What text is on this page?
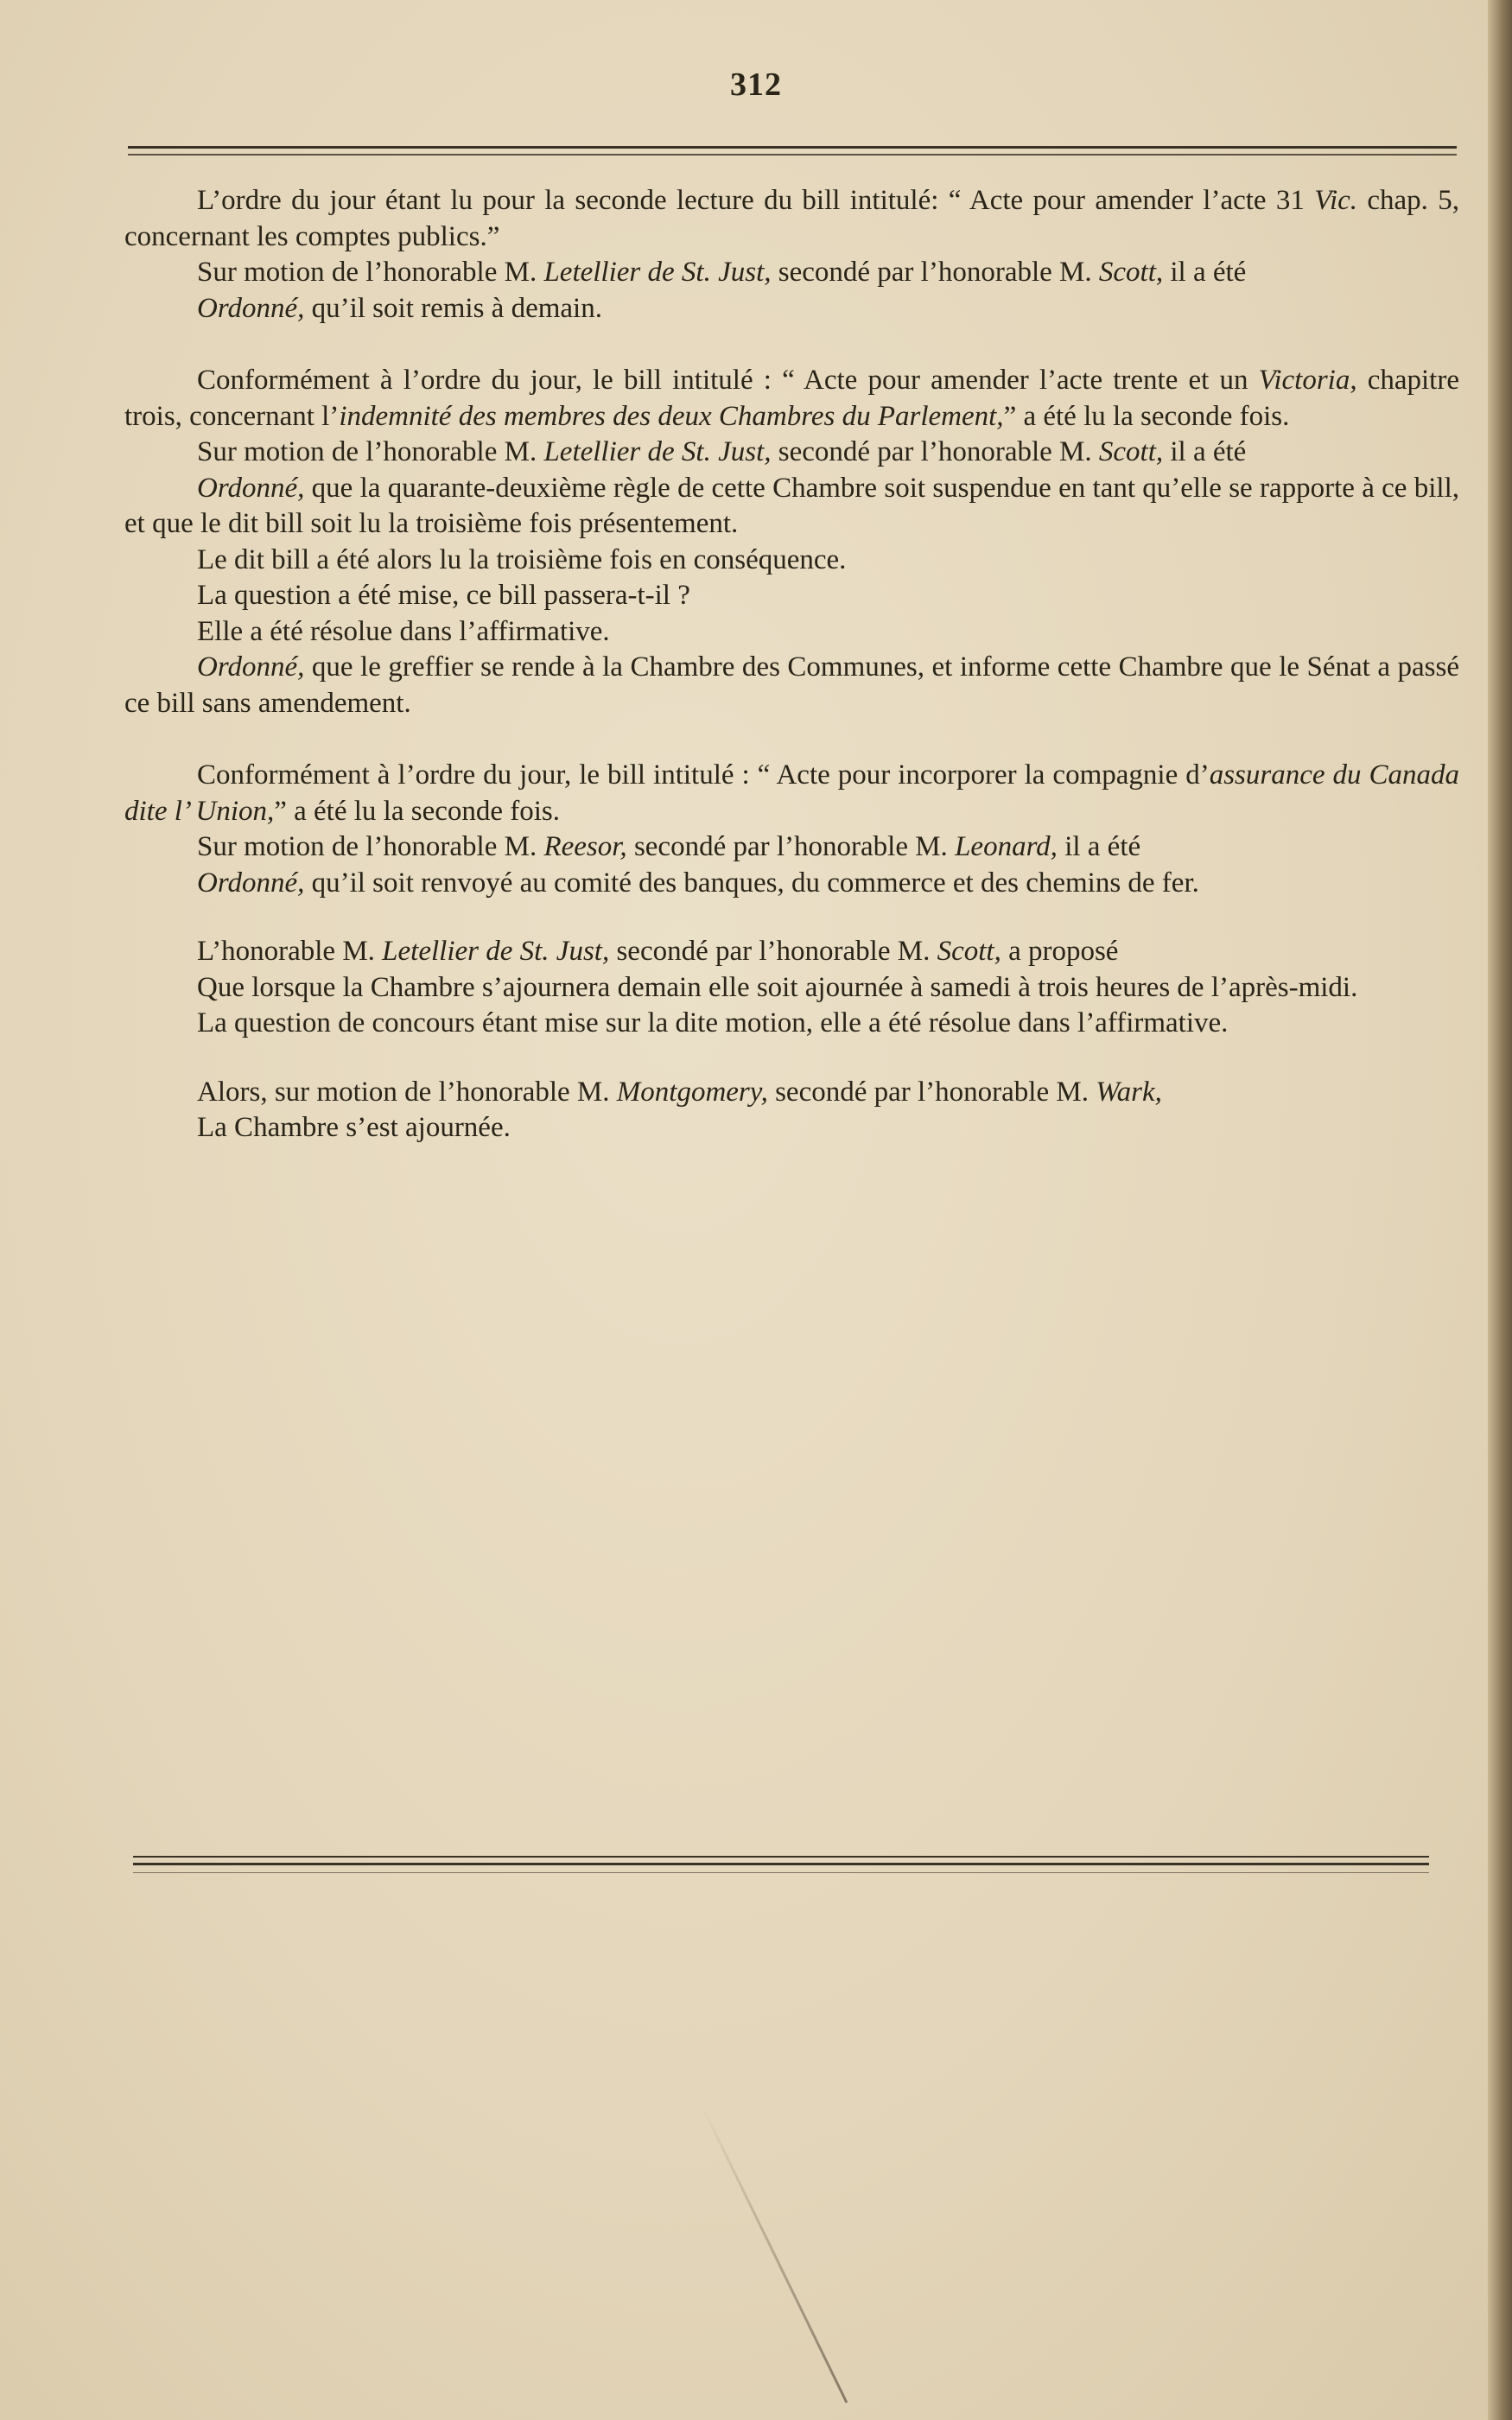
312

L’ordre du jour étant lu pour la seconde lecture du bill intitulé: “ Acte pour amender l’acte 31 Vic. chap. 5, concernant les comptes publics.”

Sur motion de l’honorable M. Letellier de St. Just, secondé par l’honorable M. Scott, il a été

Ordonné, qu’il soit remis à demain.

Conformément à l’ordre du jour, le bill intitulé : “ Acte pour amender l’acte trente et un Victoria, chapitre trois, concernant l’indemnité des membres des deux Chambres du Parlement,” a été lu la seconde fois.

Sur motion de l’honorable M. Letellier de St. Just, secondé par l’honorable M. Scott, il a été

Ordonné, que la quarante-deuxième règle de cette Chambre soit suspendue en tant qu’elle se rapporte à ce bill, et que le dit bill soit lu la troisième fois présentement.

Le dit bill a été alors lu la troisième fois en conséquence.

La question a été mise, ce bill passera-t-il ?

Elle a été résolue dans l’affirmative.

Ordonné, que le greffier se rende à la Chambre des Communes, et informe cette Chambre que le Sénat a passé ce bill sans amendement.

Conformément à l’ordre du jour, le bill intitulé : “ Acte pour incorporer la compagnie d’assurance du Canada dite l’ Union,” a été lu la seconde fois.

Sur motion de l’honorable M. Reesor, secondé par l’honorable M. Leonard, il a été

Ordonné, qu’il soit renvoyé au comité des banques, du commerce et des chemins de fer.

L’honorable M. Letellier de St. Just, secondé par l’honorable M. Scott, a proposé

Que lorsque la Chambre s’ajournera demain elle soit ajournée à samedi à trois heures de l’après-midi.

La question de concours étant mise sur la dite motion, elle a été résolue dans l’affirmative.

Alors, sur motion de l’honorable M. Montgomery, secondé par l’honorable M. Wark,

La Chambre s’est ajournée.
